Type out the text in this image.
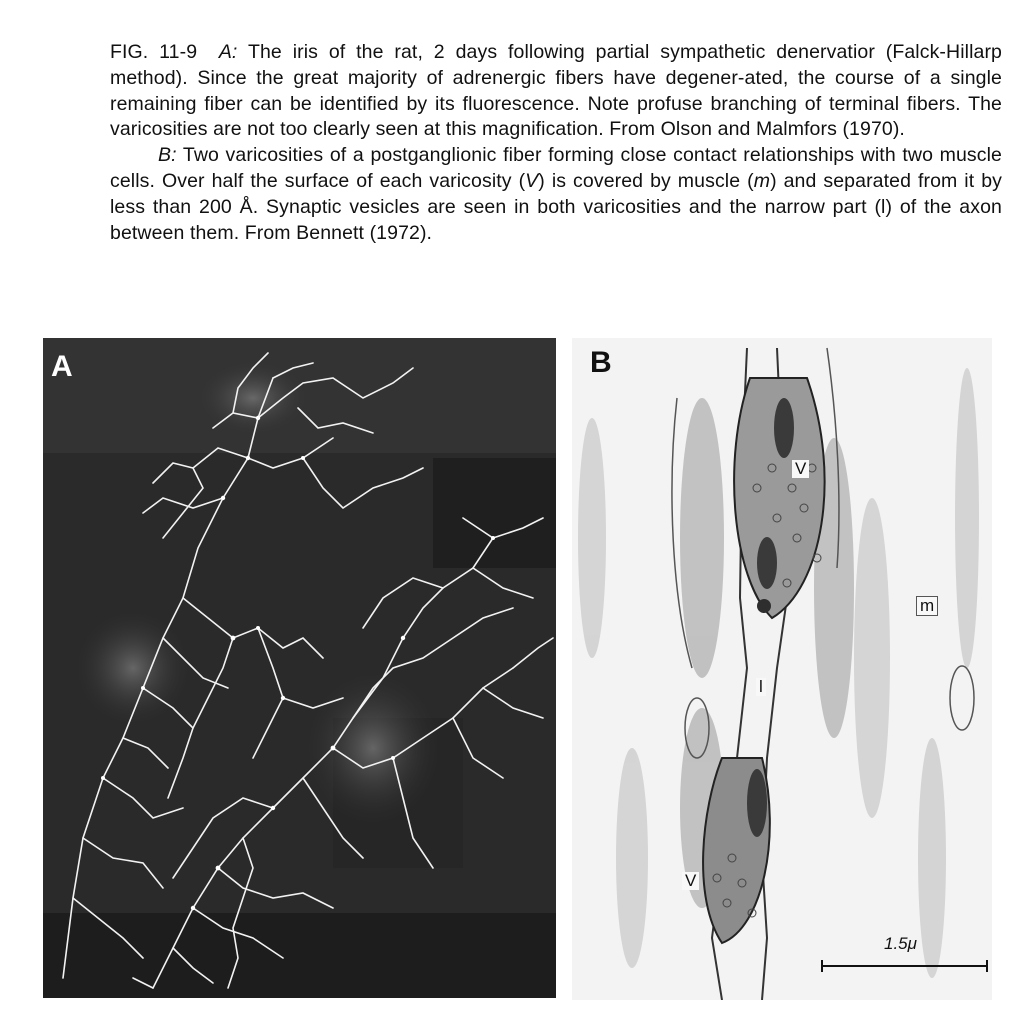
FIG. 11-9 A: The iris of the rat, 2 days following partial sympathetic denervatior (Falck-Hillarp method). Since the great majority of adrenergic fibers have degener-ated, the course of a single remaining fiber can be identified by its fluorescence. Note profuse branching of terminal fibers. The varicosities are not too clearly seen at this magnification. From Olson and Malmfors (1970).

B: Two varicosities of a postganglionic fiber forming close contact relationships with two muscle cells. Over half the surface of each varicosity (V) is covered by muscle (m) and separated from it by less than 200 Å. Synaptic vesicles are seen in both varicosities and the narrow part (l) of the axon between them. From Bennett (1972).

A	B
V
m
l
V
1.5μ
